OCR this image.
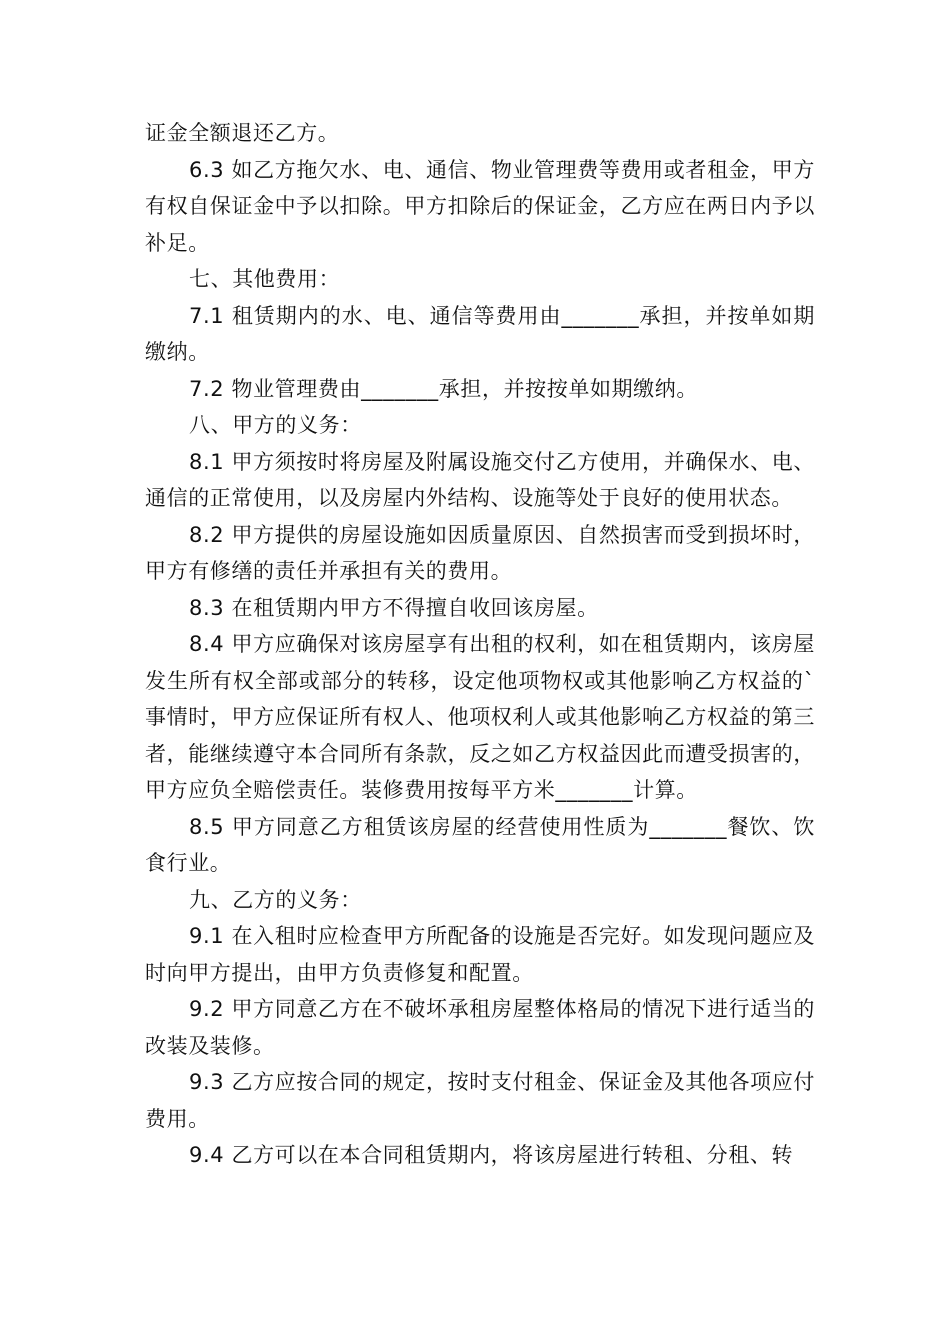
证金全额退还乙方。

6.3 如乙方拖欠水、电、通信、物业管理费等费用或者租金，甲方有权自保证金中予以扣除。甲方扣除后的保证金，乙方应在两日内予以补足。

七、其他费用：

7.1 租赁期内的水、电、通信等费用由_______承担，并按单如期缴纳。

7.2 物业管理费由_______承担，并按按单如期缴纳。

八、甲方的义务：

8.1 甲方须按时将房屋及附属设施交付乙方使用，并确保水、电、通信的正常使用，以及房屋内外结构、设施等处于良好的使用状态。

8.2 甲方提供的房屋设施如因质量原因、自然损害而受到损坏时，甲方有修缮的责任并承担有关的费用。

8.3 在租赁期内甲方不得擅自收回该房屋。

8.4 甲方应确保对该房屋享有出租的权利，如在租赁期内，该房屋发生所有权全部或部分的转移，设定他项物权或其他影响乙方权益的`事情时，甲方应保证所有权人、他项权利人或其他影响乙方权益的第三者，能继续遵守本合同所有条款，反之如乙方权益因此而遭受损害的，甲方应负全赔偿责任。装修费用按每平方米_______计算。

8.5 甲方同意乙方租赁该房屋的经营使用性质为_______餐饮、饮食行业。

九、乙方的义务：

9.1 在入租时应检查甲方所配备的设施是否完好。如发现问题应及时向甲方提出，由甲方负责修复和配置。

9.2 甲方同意乙方在不破坏承租房屋整体格局的情况下进行适当的改装及装修。

9.3 乙方应按合同的规定，按时支付租金、保证金及其他各项应付费用。

9.4 乙方可以在本合同租赁期内，将该房屋进行转租、分租、转
